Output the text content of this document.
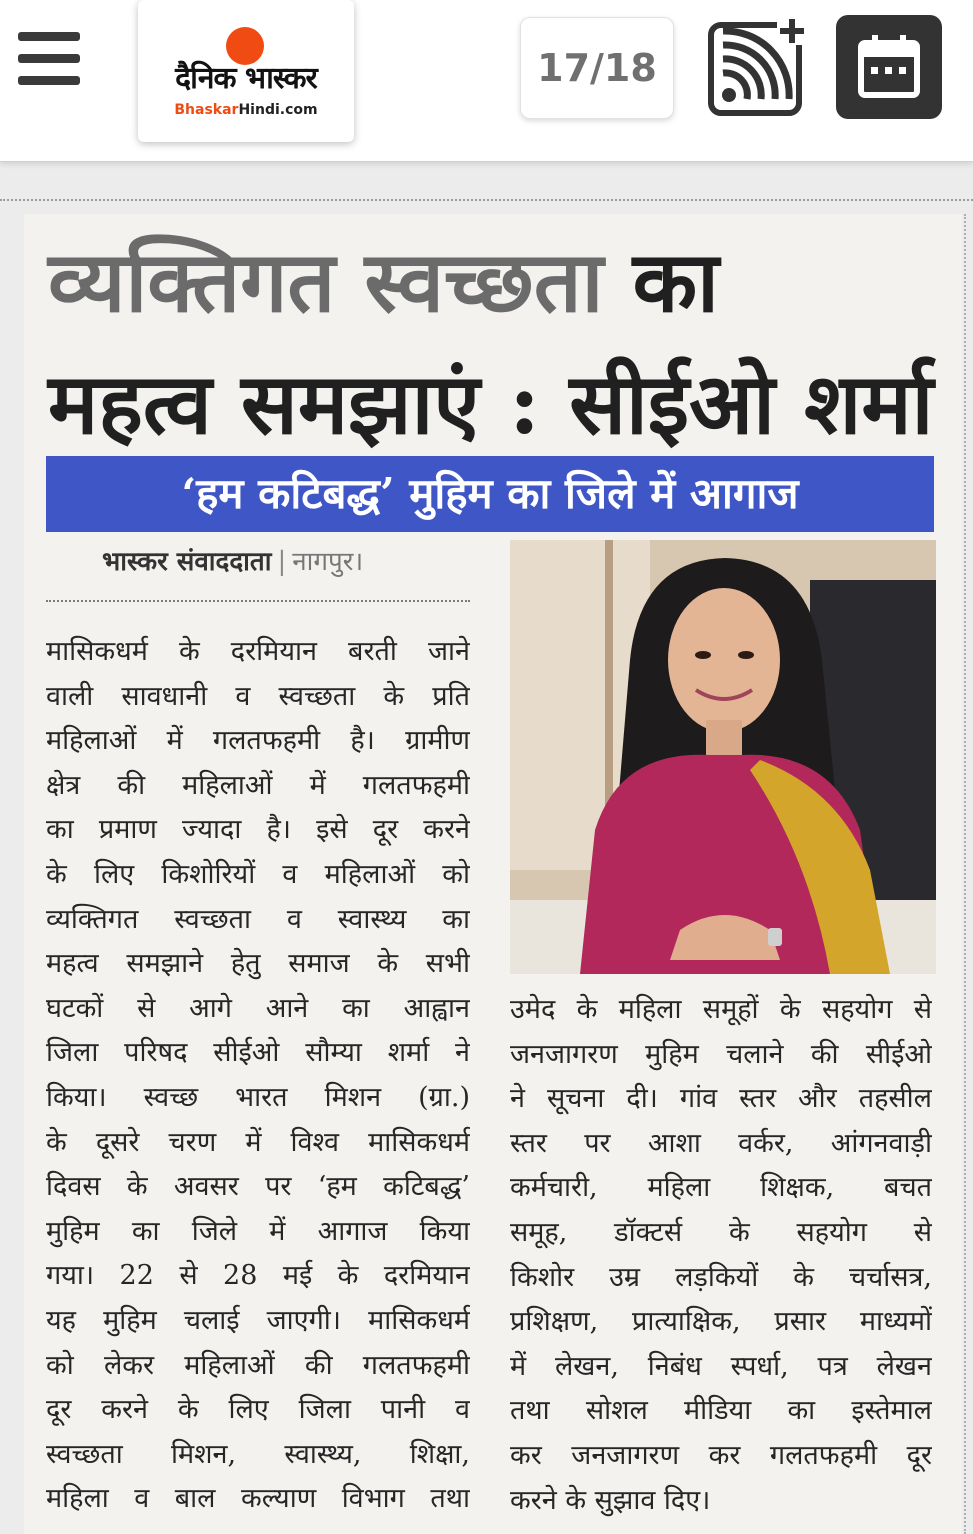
दैनिक भास्कर
BhaskarHindi.com
17/18
व्यक्तिगत स्वच्छता का
महत्व समझाएं : सीईओ शर्मा
‘हम कटिबद्ध’ मुहिम का जिले में आगाज
भास्कर संवाददाता | नागपुर।
मासिकधर्म के दरमियान बरती जाने
वाली सावधानी व स्वच्छता के प्रति
महिलाओं में गलतफहमी है। ग्रामीण
क्षेत्र की महिलाओं में गलतफहमी
का प्रमाण ज्यादा है। इसे दूर करने
के लिए किशोरियों व महिलाओं को
व्यक्तिगत स्वच्छता व स्वास्थ्य का
महत्व समझाने हेतु समाज के सभी
घटकों से आगे आने का आह्वान
जिला परिषद सीईओ सौम्या शर्मा ने
किया। स्वच्छ भारत मिशन (ग्रा.)
के दूसरे चरण में विश्व मासिकधर्म
दिवस के अवसर पर ‘हम कटिबद्ध’
मुहिम का जिले में आगाज किया
गया। 22 से 28 मई के दरमियान
यह मुहिम चलाई जाएगी। मासिकधर्म
को लेकर महिलाओं की गलतफहमी
दूर करने के लिए जिला पानी व
स्वच्छता मिशन, स्वास्थ्य, शिक्षा,
महिला व बाल कल्याण विभाग तथा
उमेद के महिला समूहों के सहयोग से
जनजागरण मुहिम चलाने की सीईओ
ने सूचना दी। गांव स्तर और तहसील
स्तर पर आशा वर्कर, आंगनवाड़ी
कर्मचारी, महिला शिक्षक, बचत
समूह, डॉक्टर्स के सहयोग से
किशोर उम्र लड़कियों के चर्चासत्र,
प्रशिक्षण, प्रात्याक्षिक, प्रसार माध्यमों
में लेखन, निबंध स्पर्धा, पत्र लेखन
तथा सोशल मीडिया का इस्तेमाल
कर जनजागरण कर गलतफहमी दूर
करने के सुझाव दिए।
